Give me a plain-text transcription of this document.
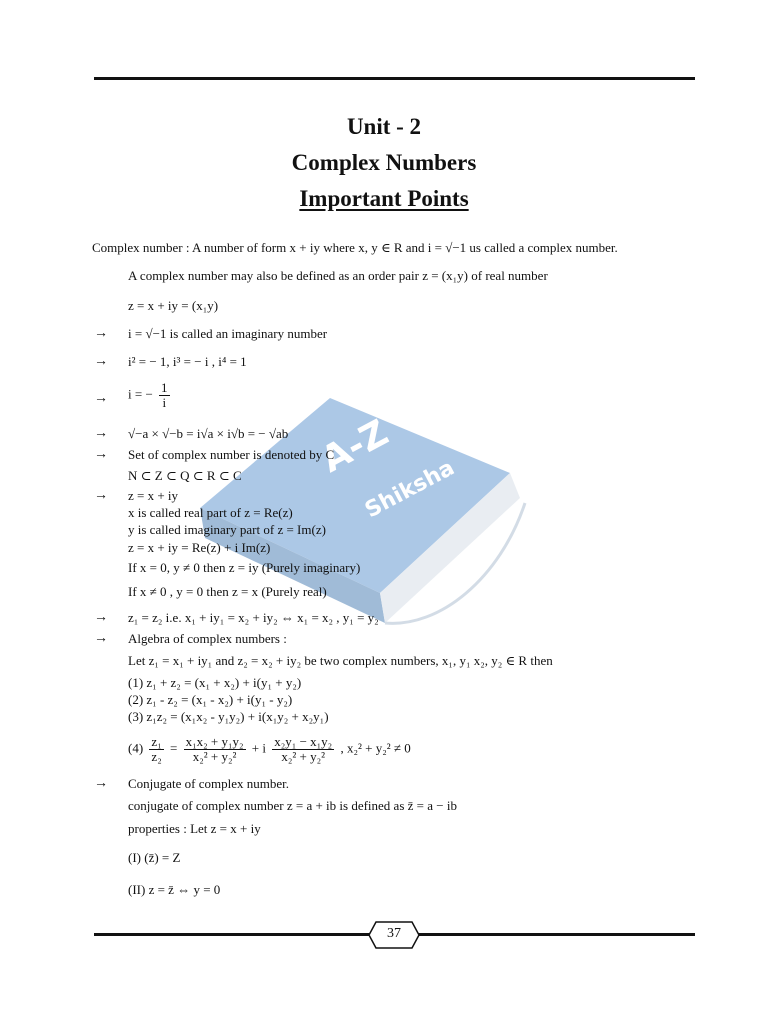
Unit - 2
Complex Numbers
Important Points
A-Z
Shiksha
Complex number : A number of form x + iy where x, y ∈ R and i = √−1 us called a complex number.
A complex number may also be defined as an order pair z = (x₁y) of real number
z = x + iy = (x₁y)
→ i = √−1 is called an imaginary number
→ i² = − 1, i³ = − i , i⁴ = 1
→ i = − $\frac{1}{i}$
→ √−a × √−b = i√a × i√b = − √ab
→ Set of complex number is denoted by C
N ⊂ Z ⊂ Q ⊂ R ⊂ C
→ z = x + iy
x is called real part of z = Re(z)
y is called imaginary part of z = Im(z)
z = x + iy = Re(z) + i Im(z)
If x = 0, y ≠ 0 then z = iy (Purely imaginary)
If x ≠ 0 , y = 0 then z = x (Purely real)
→ z₁ = z₂ i.e. x₁ + iy₁ = x₂ + iy₂ ⇔ x₁ = x₂ , y₁ = y₂
→ Algebra of complex numbers :
Let z₁ = x₁ + iy₁ and z₂ = x₂ + iy₂ be two complex numbers, x₁, y₁ x₂, y₂ ∈ R then
(1) z₁ + z₂ = (x₁ + x₂) + i(y₁ + y₂)
(2) z₁ - z₂ = (x₁ - x₂) + i(y₁ - y₂)
(3) z₁z₂ = (x₁x₂ - y₁y₂) + i(x₁y₂ + x₂y₁)
$(4) \frac{\text{z₁}}{\text{z₂}} = \frac{\text{x₁x₂ + y₁y₂}}{\text{x₂² + y₂²}} + i \frac{\text{x₂y₁ − x₁y₂}}{\text{x₂² + y₂²}}$ , x₂² + y₂² ≠ 0
→ Conjugate of complex number.
conjugate of complex number z = a + ib is defined as z̄ = a − ib
properties : Let z = x + iy
(I) (z̄̄) = Z
(II) z = z̄ ⇔ y = 0
37
